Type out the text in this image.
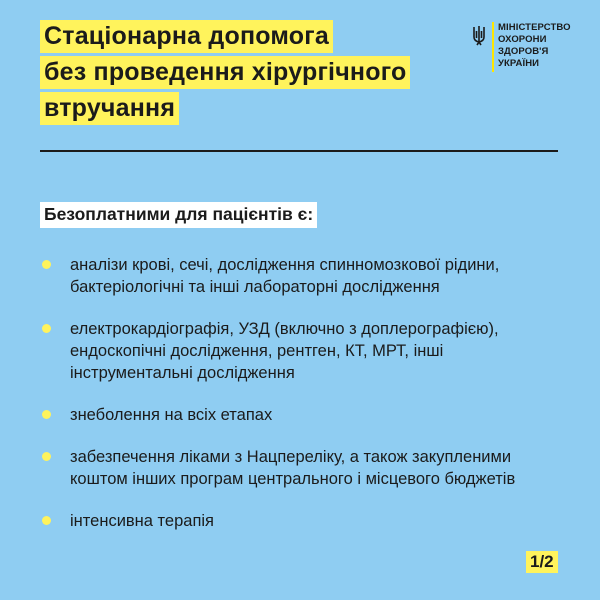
Стаціонарна допомога
без проведення хірургічного
втручання
МІНІСТЕРСТВО
ОХОРОНИ
ЗДОРОВ'Я
УКРАЇНИ
Безоплатними для пацієнтів є:
аналізи крові, сечі, дослідження спинномозкової рідини,
бактеріологічні та інші лабораторні дослідження
електрокардіографія, УЗД (включно з доплерографією),
ендоскопічні дослідження, рентген, КТ, МРТ, інші
інструментальні дослідження
знеболення на всіх етапах
забезпечення ліками з Нацпереліку, а також закупленими
коштом інших програм центрального і місцевого бюджетів
інтенсивна терапія
1/2
